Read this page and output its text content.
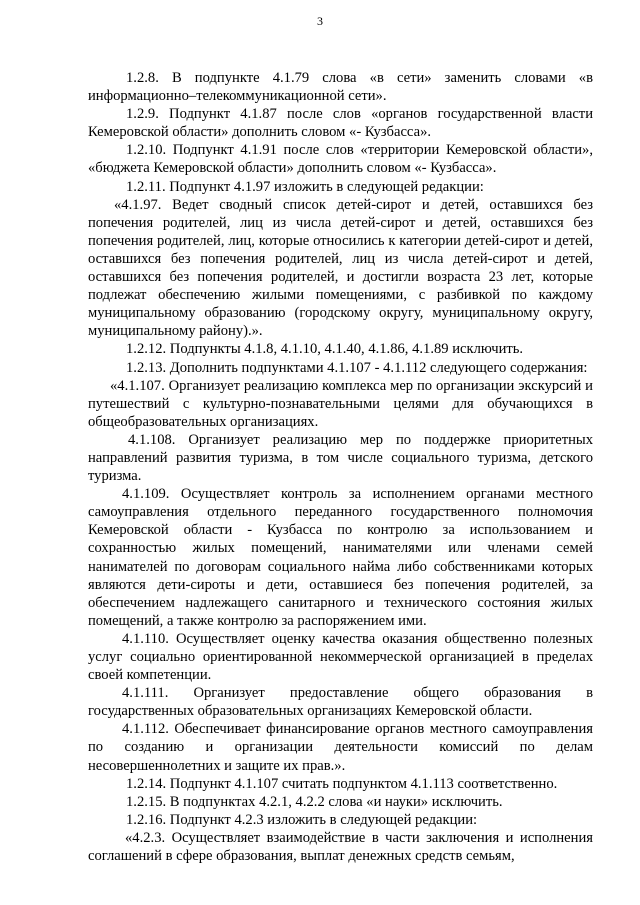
3

1.2.8. В подпункте 4.1.79 слова «в сети» заменить словами «в информационно–телекоммуникационной сети».

1.2.9. Подпункт 4.1.87 после слов «органов государственной власти Кемеровской области» дополнить словом «- Кузбасса».

1.2.10. Подпункт 4.1.91 после слов «территории Кемеровской области», «бюджета Кемеровской области» дополнить словом «- Кузбасса».

1.2.11. Подпункт 4.1.97 изложить в следующей редакции:

«4.1.97. Ведет сводный список детей-сирот и детей, оставшихся без попечения родителей, лиц из числа детей-сирот и детей, оставшихся без попечения родителей, лиц, которые относились к категории детей-сирот и детей, оставшихся без попечения родителей, лиц из числа детей-сирот и детей, оставшихся без попечения родителей, и достигли возраста 23 лет, которые подлежат обеспечению жилыми помещениями, с разбивкой по каждому муниципальному образованию (городскому округу, муниципальному округу, муниципальному району).».

1.2.12. Подпункты 4.1.8, 4.1.10, 4.1.40, 4.1.86, 4.1.89 исключить.

1.2.13. Дополнить подпунктами 4.1.107 - 4.1.112 следующего содержания:

«4.1.107. Организует реализацию комплекса мер по организации экскурсий и путешествий с культурно-познавательными целями для обучающихся в общеобразовательных организациях.

4.1.108. Организует реализацию мер по поддержке приоритетных направлений развития туризма, в том числе социального туризма, детского туризма.

4.1.109. Осуществляет контроль за исполнением органами местного самоуправления отдельного переданного государственного полномочия Кемеровской области - Кузбасса по контролю за использованием и сохранностью жилых помещений, нанимателями или членами семей нанимателей по договорам социального найма либо собственниками которых являются дети-сироты и дети, оставшиеся без попечения родителей, за обеспечением надлежащего санитарного и технического состояния жилых помещений, а также контролю за распоряжением ими.

4.1.110. Осуществляет оценку качества оказания общественно полезных услуг социально ориентированной некоммерческой организацией в пределах своей компетенции.

4.1.111. Организует предоставление общего образования в государственных образовательных организациях Кемеровской области.

4.1.112. Обеспечивает финансирование органов местного самоуправления по созданию и организации деятельности комиссий по делам несовершеннолетних и защите их прав.».

1.2.14. Подпункт 4.1.107 считать подпунктом 4.1.113 соответственно.

1.2.15. В подпунктах 4.2.1, 4.2.2 слова «и науки» исключить.

1.2.16. Подпункт 4.2.3 изложить в следующей редакции:

«4.2.3. Осуществляет взаимодействие в части заключения и исполнения соглашений в сфере образования, выплат денежных средств семьям,
